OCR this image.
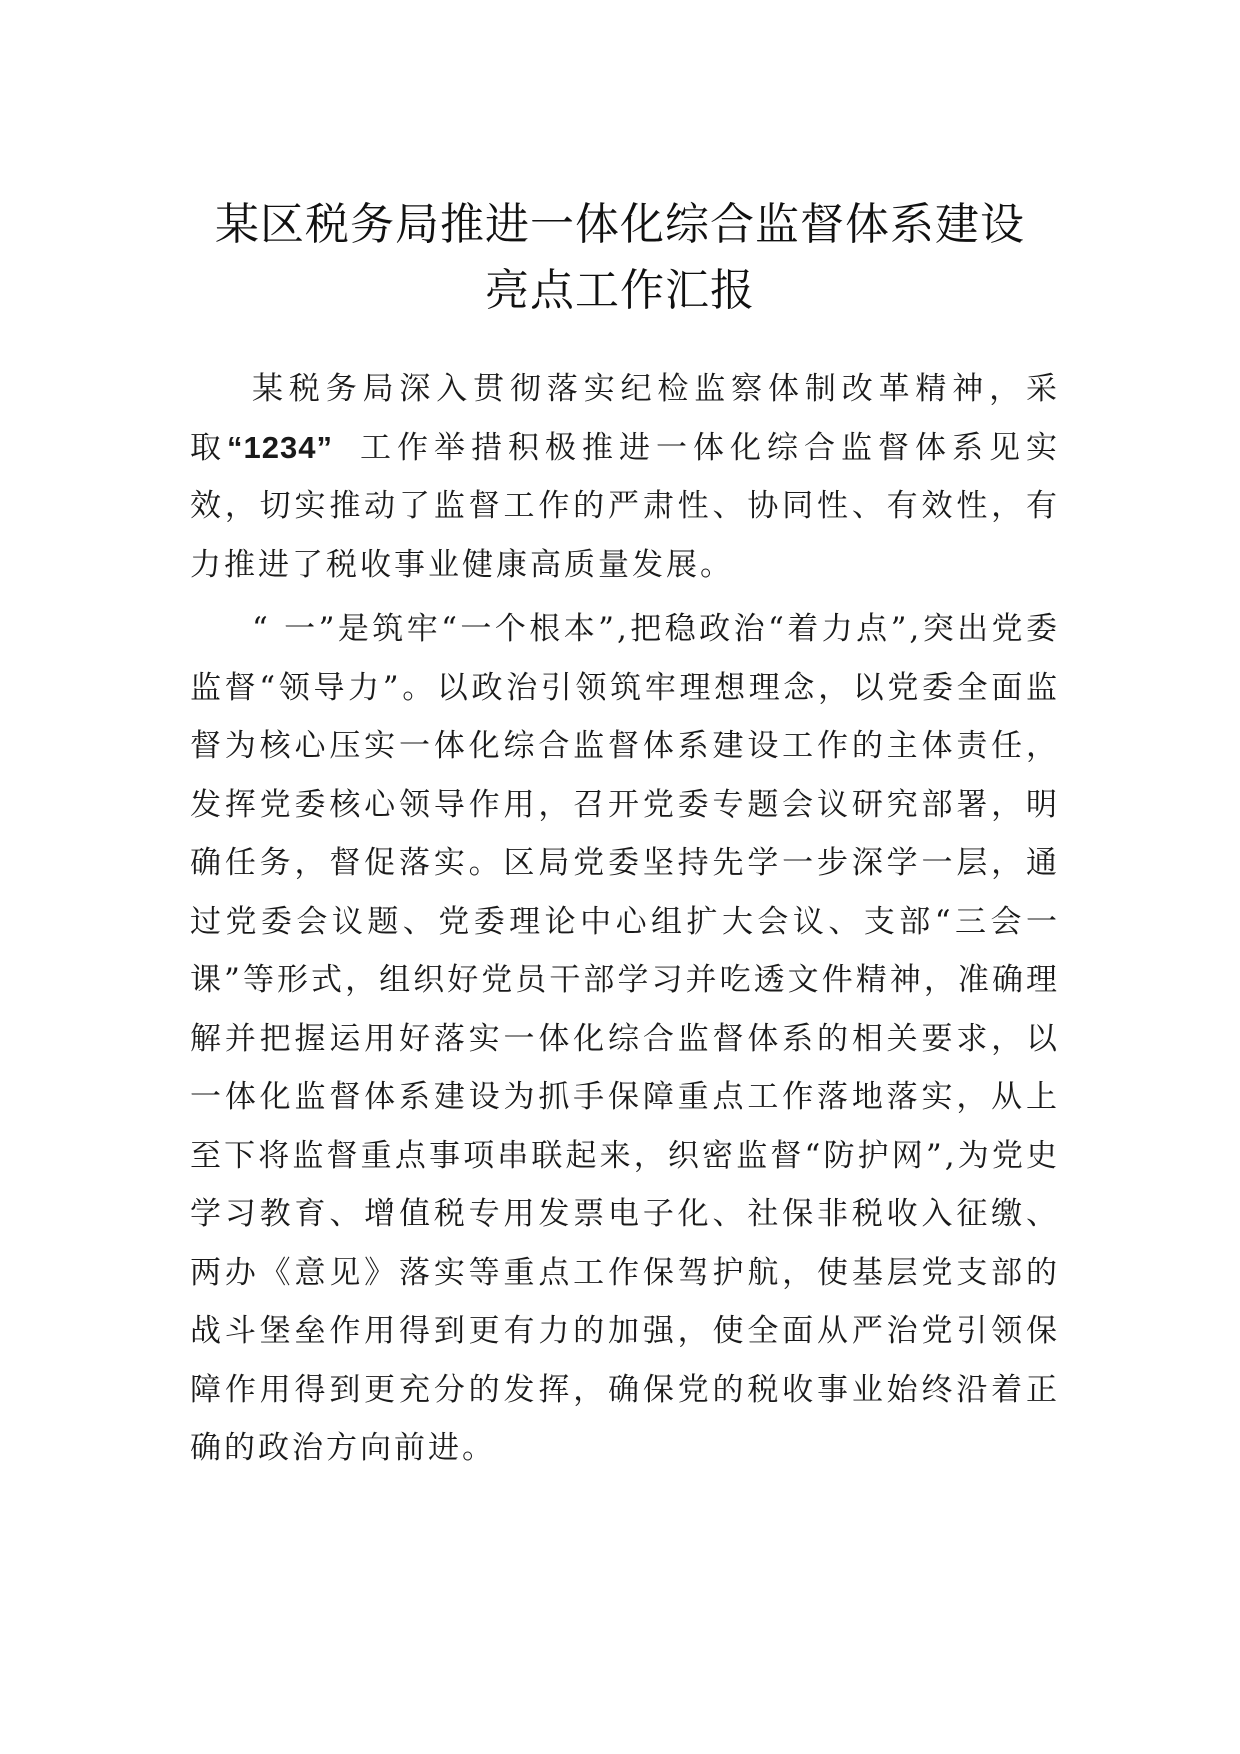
某区税务局推进一体化综合监督体系建设
亮点工作汇报

某税务局深入贯彻落实纪检监察体制改革精神，采取“1234” 工作举措积极推进一体化综合监督体系见实效，切实推动了监督工作的严肃性、协同性、有效性，有力推进了税收事业健康高质量发展。

“ 一”是筑牢“一个根本”,把稳政治“着力点”,突出党委监督“领导力”。以政治引领筑牢理想理念，以党委全面监督为核心压实一体化综合监督体系建设工作的主体责任，发挥党委核心领导作用，召开党委专题会议研究部署，明确任务，督促落实。区局党委坚持先学一步深学一层，通过党委会议题、党委理论中心组扩大会议、支部“三会一课”等形式，组织好党员干部学习并吃透文件精神，准确理解并把握运用好落实一体化综合监督体系的相关要求，以一体化监督体系建设为抓手保障重点工作落地落实，从上至下将监督重点事项串联起来，织密监督“防护网”,为党史学习教育、增值税专用发票电子化、社保非税收入征缴、两办《意见》落实等重点工作保驾护航，使基层党支部的战斗堡垒作用得到更有力的加强，使全面从严治党引领保障作用得到更充分的发挥，确保党的税收事业始终沿着正确的政治方向前进。
